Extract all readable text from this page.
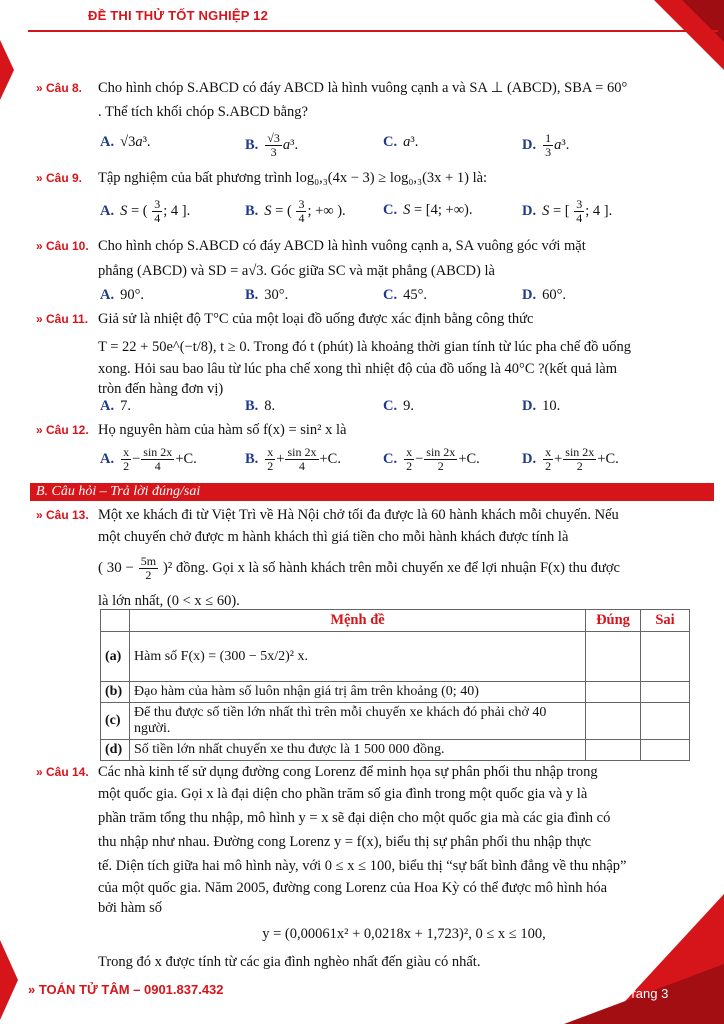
ĐỀ THI THỬ TỐT NGHIỆP 12
» Câu 8. Cho hình chóp S.ABCD có đáy ABCD là hình vuông cạnh a và SA ⊥ (ABCD), SBA = 60°
. Thể tích khối chóp S.ABCD bằng?
A. √3a³.	B. $\frac{√3}{3} a^3$.	C. a³.	D. $\frac{1}{3} a^3$.
» Câu 9. Tập nghiệm của bất phương trình log₀,₃(4x − 3) ≥ log₀,₃(3x + 1) là:
A. S = ( $\frac{3}{4}$ ; 4 ].	B. S = ( $\frac{3}{4}$ ; +∞ ).	C. S = [4; +∞).	D. S = [ $\frac{3}{4}$ ; 4 ].
» Câu 10. Cho hình chóp S.ABCD có đáy ABCD là hình vuông cạnh a, SA vuông góc với mặt
phẳng (ABCD) và SD = a√3. Góc giữa SC và mặt phẳng (ABCD) là
A. 90°.	B. 30°.	C. 45°.	D. 60°.
» Câu 11. Giả sử là nhiệt độ T°C của một loại đồ uống được xác định bằng công thức
T = 22 + 50e^(−t/8), t ≥ 0. Trong đó t (phút) là khoảng thời gian tính từ lúc pha chế đồ uống
xong. Hỏi sau bao lâu từ lúc pha chế xong thì nhiệt độ của đồ uống là 40°C ?(kết quả làm
tròn đến hàng đơn vị)
A. 7.	B. 8.	C. 9.	D. 10.
» Câu 12. Họ nguyên hàm của hàm số f(x) = sin² x là
A. $\frac{x}{2} - \frac{\sin 2x}{4} +C$.	B. $\frac{x}{2} + \frac{\sin 2x}{4} +C$.	C. $\frac{x}{2} - \frac{\sin 2x}{2} +C$.	D. $\frac{x}{2} + \frac{\sin 2x}{2} +C$.
B. Câu hỏi – Trả lời đúng/sai
» Câu 13. Một xe khách đi từ Việt Trì về Hà Nội chở tối đa được là 60 hành khách mỗi chuyến. Nếu
một chuyến chở được m hành khách thì giá tiền cho mỗi hành khách được tính là
( $30 - \frac{5m}{2} )^2$ đồng. Gọi x là số hành khách trên mỗi chuyến xe để lợi nhuận F(x) thu được
là lớn nhất, (0 < x ≤ 60).
	Mệnh đề	Đúng	Sai
(a)	Hàm số F(x) = (300 − 5x/2)² x.		
(b)	Đạo hàm của hàm số luôn nhận giá trị âm trên khoảng (0; 40)		
(c)	Để thu được số tiền lớn nhất thì trên mỗi chuyến xe khách đó phải chở 40 người.		
(d)	Số tiền lớn nhất chuyến xe thu được là 1 500 000 đồng.		
» Câu 14. Các nhà kinh tế sử dụng đường cong Lorenz để minh họa sự phân phối thu nhập trong
một quốc gia. Gọi x là đại diện cho phần trăm số gia đình trong một quốc gia và y là
phần trăm tổng thu nhập, mô hình y = x sẽ đại diện cho một quốc gia mà các gia đình có
thu nhập như nhau. Đường cong Lorenz y = f(x), biểu thị sự phân phối thu nhập thực
tế. Diện tích giữa hai mô hình này, với 0 ≤ x ≤ 100, biểu thị “sự bất bình đẳng về thu nhập”
của một quốc gia. Năm 2005, đường cong Lorenz của Hoa Kỳ có thể được mô hình hóa
bởi hàm số
y = (0,00061x² + 0,0218x + 1,723)², 0 ≤ x ≤ 100,
Trong đó x được tính từ các gia đình nghèo nhất đến giàu có nhất.
» TOÁN TỬ TÂM – 0901.837.432	Trang 3
